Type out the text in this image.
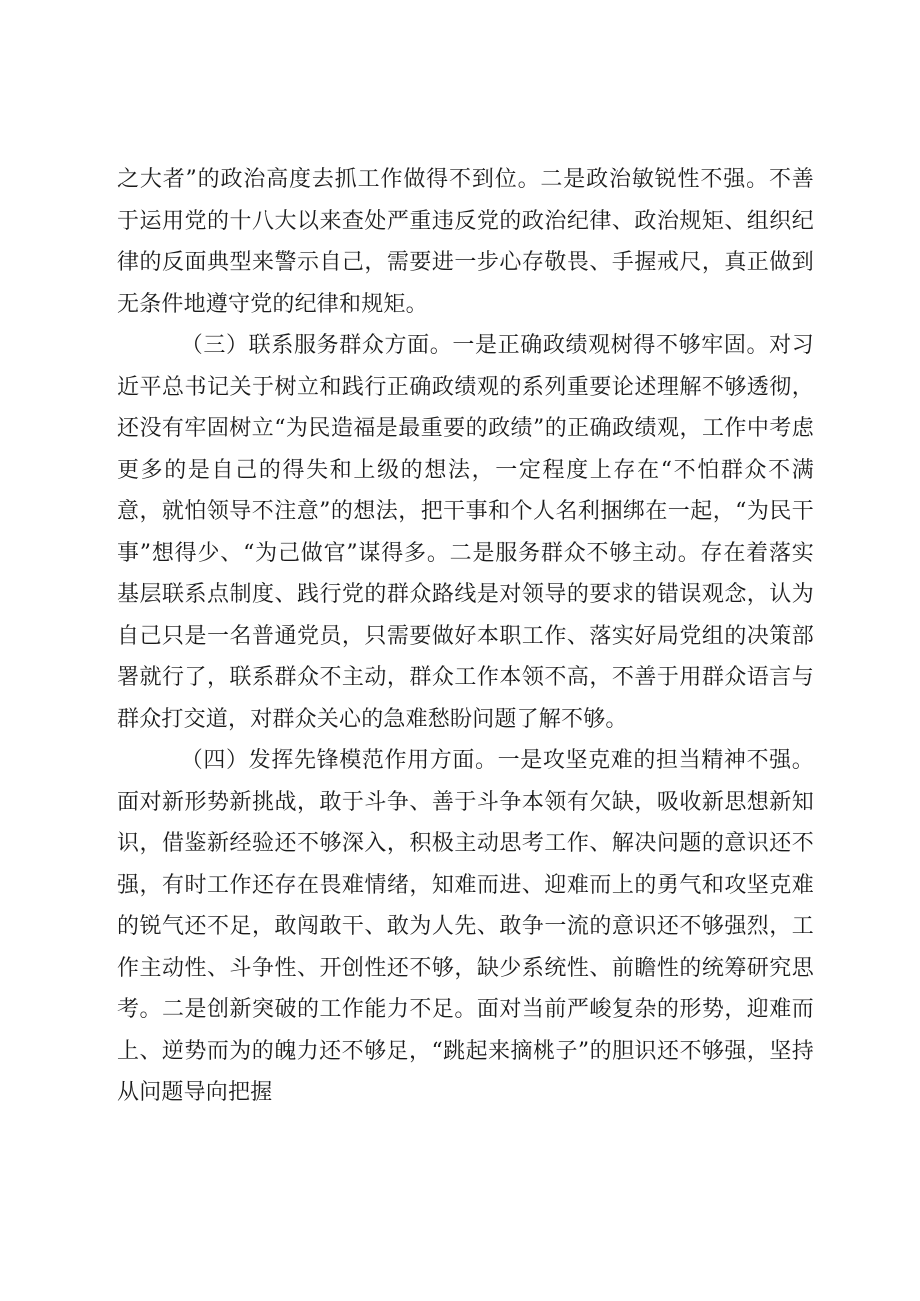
之大者”的政治高度去抓工作做得不到位。二是政治敏锐性不强。不善于运用党的十八大以来查处严重违反党的政治纪律、政治规矩、组织纪律的反面典型来警示自己，需要进一步心存敬畏、手握戒尺，真正做到无条件地遵守党的纪律和规矩。

（三）联系服务群众方面。一是正确政绩观树得不够牢固。对习近平总书记关于树立和践行正确政绩观的系列重要论述理解不够透彻，还没有牢固树立“为民造福是最重要的政绩”的正确政绩观，工作中考虑更多的是自己的得失和上级的想法，一定程度上存在“不怕群众不满意，就怕领导不注意”的想法，把干事和个人名利捆绑在一起，“为民干事”想得少、“为己做官”谋得多。二是服务群众不够主动。存在着落实基层联系点制度、践行党的群众路线是对领导的要求的错误观念，认为自己只是一名普通党员，只需要做好本职工作、落实好局党组的决策部署就行了，联系群众不主动，群众工作本领不高，不善于用群众语言与群众打交道，对群众关心的急难愁盼问题了解不够。

（四）发挥先锋模范作用方面。一是攻坚克难的担当精神不强。面对新形势新挑战，敢于斗争、善于斗争本领有欠缺，吸收新思想新知识，借鉴新经验还不够深入，积极主动思考工作、解决问题的意识还不强，有时工作还存在畏难情绪，知难而进、迎难而上的勇气和攻坚克难的锐气还不足，敢闯敢干、敢为人先、敢争一流的意识还不够强烈，工作主动性、斗争性、开创性还不够，缺少系统性、前瞻性的统筹研究思考。二是创新突破的工作能力不足。面对当前严峻复杂的形势，迎难而上、逆势而为的魄力还不够足，“跳起来摘桃子”的胆识还不够强，坚持从问题导向把握
